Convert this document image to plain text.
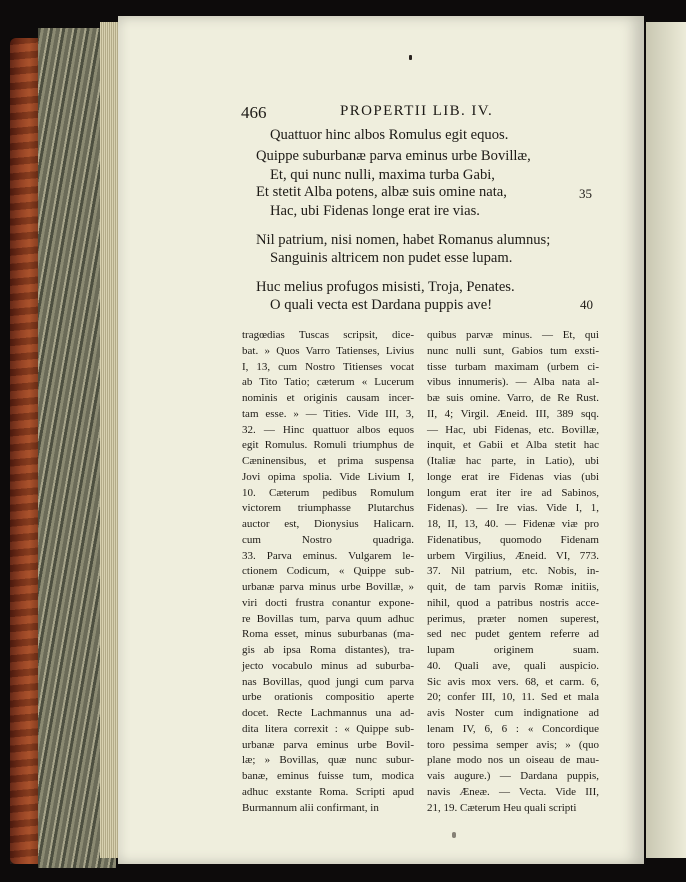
466	PROPERTII LIB. IV.
Quattuor hinc albos Romulus egit equos.
Quippe suburbanæ parva eminus urbe Bovillæ,
Et, qui nunc nulli, maxima turba Gabi,
Et stetit Alba potens, albæ suis omine nata,	35
Hac, ubi Fidenas longe erat ire vias.
Nil patrium, nisi nomen, habet Romanus alumnus;
Sanguinis altricem non pudet esse lupam.
Huc melius profugos misisti, Troja, Penates.
O quali vecta est Dardana puppis ave!	40
tragœdias Tuscas scripsit, dice-
bat. » Quos Varro Tatienses, Livius
I, 13, cum Nostro Titienses vocat
ab Tito Tatio; cæterum « Lucerum
nominis et originis causam incer-
tam esse. » — Tities. Vide III, 3,
32. — Hinc quattuor albos equos
egit Romulus. Romuli triumphus de
Cæninensibus, et prima suspensa
Jovi opima spolia. Vide Livium I,
10. Cæterum pedibus Romulum
victorem triumphasse Plutarchus
auctor est, Dionysius Halicarn.
cum Nostro quadriga.
33. Parva eminus. Vulgarem le-
ctionem Codicum, « Quippe sub-
urbanæ parva minus urbe Bovillæ, »
viri docti frustra conantur expone-
re Bovillas tum, parva quum adhuc
Roma esset, minus suburbanas (ma-
gis ab ipsa Roma distantes), tra-
jecto vocabulo minus ad suburba-
nas Bovillas, quod jungi cum parva
urbe orationis compositio aperte
docet. Recte Lachmannus una ad-
dita litera correxit : « Quippe sub-
urbanæ parva eminus urbe Bovil-
læ; » Bovillas, quæ nunc subur-
banæ, eminus fuisse tum, modica
adhuc exstante Roma. Scripti apud
Burmannum alii confirmant, in
quibus parvæ minus. — Et, qui
nunc nulli sunt, Gabios tum exsti-
tisse turbam maximam (urbem ci-
vibus innumeris). — Alba nata al-
bæ suis omine. Varro, de Re Rust.
II, 4; Virgil. Æneid. III, 389 sqq.
— Hac, ubi Fidenas, etc. Bovillæ,
inquit, et Gabii et Alba stetit hac
(Italiæ hac parte, in Latio), ubi
longe erat ire Fidenas vias (ubi
longum erat iter ire ad Sabinos,
Fidenas). — Ire vias. Vide I, 1,
18, II, 13, 40. — Fidenæ viæ pro
Fidenatibus, quomodo Fidenam
urbem Virgilius, Æneid. VI, 773.
37. Nil patrium, etc. Nobis, in-
quit, de tam parvis Romæ initiis,
nihil, quod a patribus nostris acce-
perimus, præter nomen superest,
sed nec pudet gentem referre ad
lupam originem suam.
40. Quali ave, quali auspicio.
Sic avis mox vers. 68, et carm. 6,
20; confer III, 10, 11. Sed et mala
avis Noster cum indignatione ad
lenam IV, 6, 6 : « Concordique
toro pessima semper avis; » (quo
plane modo nos un oiseau de mau-
vais augure.) — Dardana puppis,
navis Æneæ. — Vecta. Vide III,
21, 19. Cæterum Heu quali scripti
